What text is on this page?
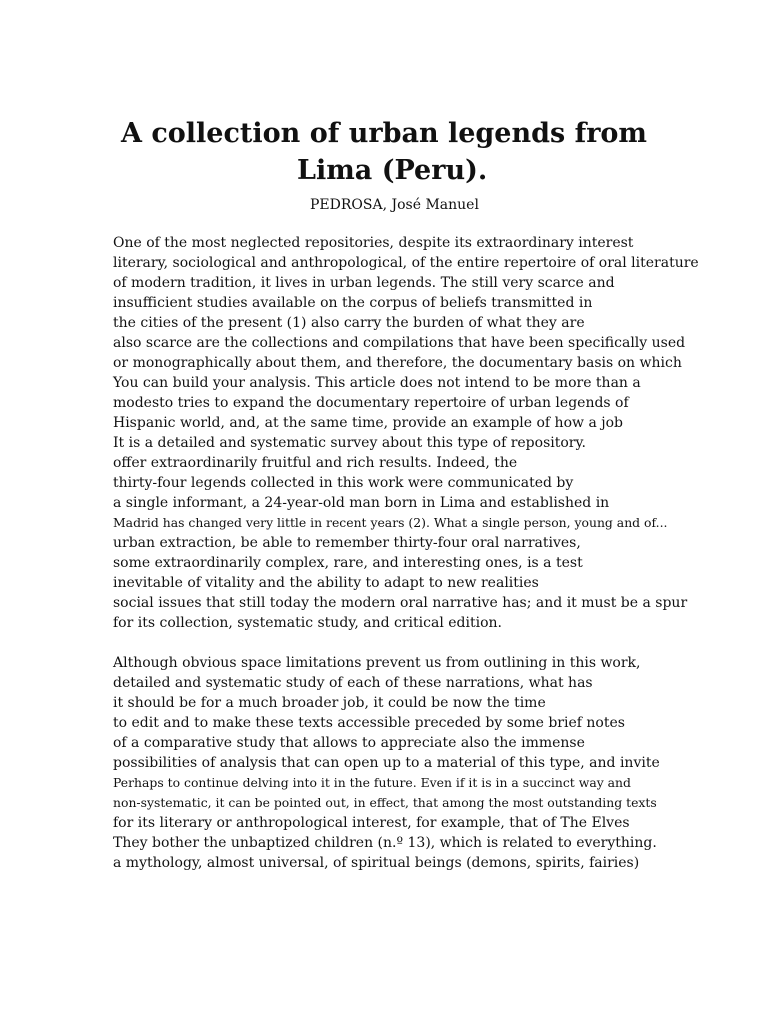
A collection of urban legends from
Lima (Peru).
PEDROSA, José Manuel
One of the most neglected repositories, despite its extraordinary interest
literary, sociological and anthropological, of the entire repertoire of oral literature
of modern tradition, it lives in urban legends. The still very scarce and
insufficient studies available on the corpus of beliefs transmitted in
the cities of the present (1) also carry the burden of what they are
also scarce are the collections and compilations that have been specifically used
or monographically about them, and therefore, the documentary basis on which
You can build your analysis. This article does not intend to be more than a
modesto tries to expand the documentary repertoire of urban legends of
Hispanic world, and, at the same time, provide an example of how a job
It is a detailed and systematic survey about this type of repository.
offer extraordinarily fruitful and rich results. Indeed, the
thirty-four legends collected in this work were communicated by
a single informant, a 24-year-old man born in Lima and established in
Madrid has changed very little in recent years (2). What a single person, young and of...
urban extraction, be able to remember thirty-four oral narratives,
some extraordinarily complex, rare, and interesting ones, is a test
inevitable of vitality and the ability to adapt to new realities
social issues that still today the modern oral narrative has; and it must be a spur
for its collection, systematic study, and critical edition.
Although obvious space limitations prevent us from outlining in this work,
detailed and systematic study of each of these narrations, what has
it should be for a much broader job, it could be now the time
to edit and to make these texts accessible preceded by some brief notes
of a comparative study that allows to appreciate also the immense
possibilities of analysis that can open up to a material of this type, and invite
Perhaps to continue delving into it in the future. Even if it is in a succinct way and
non-systematic, it can be pointed out, in effect, that among the most outstanding texts
for its literary or anthropological interest, for example, that of The Elves
They bother the unbaptized children (n.º 13), which is related to everything.
a mythology, almost universal, of spiritual beings (demons, spirits, fairies)
